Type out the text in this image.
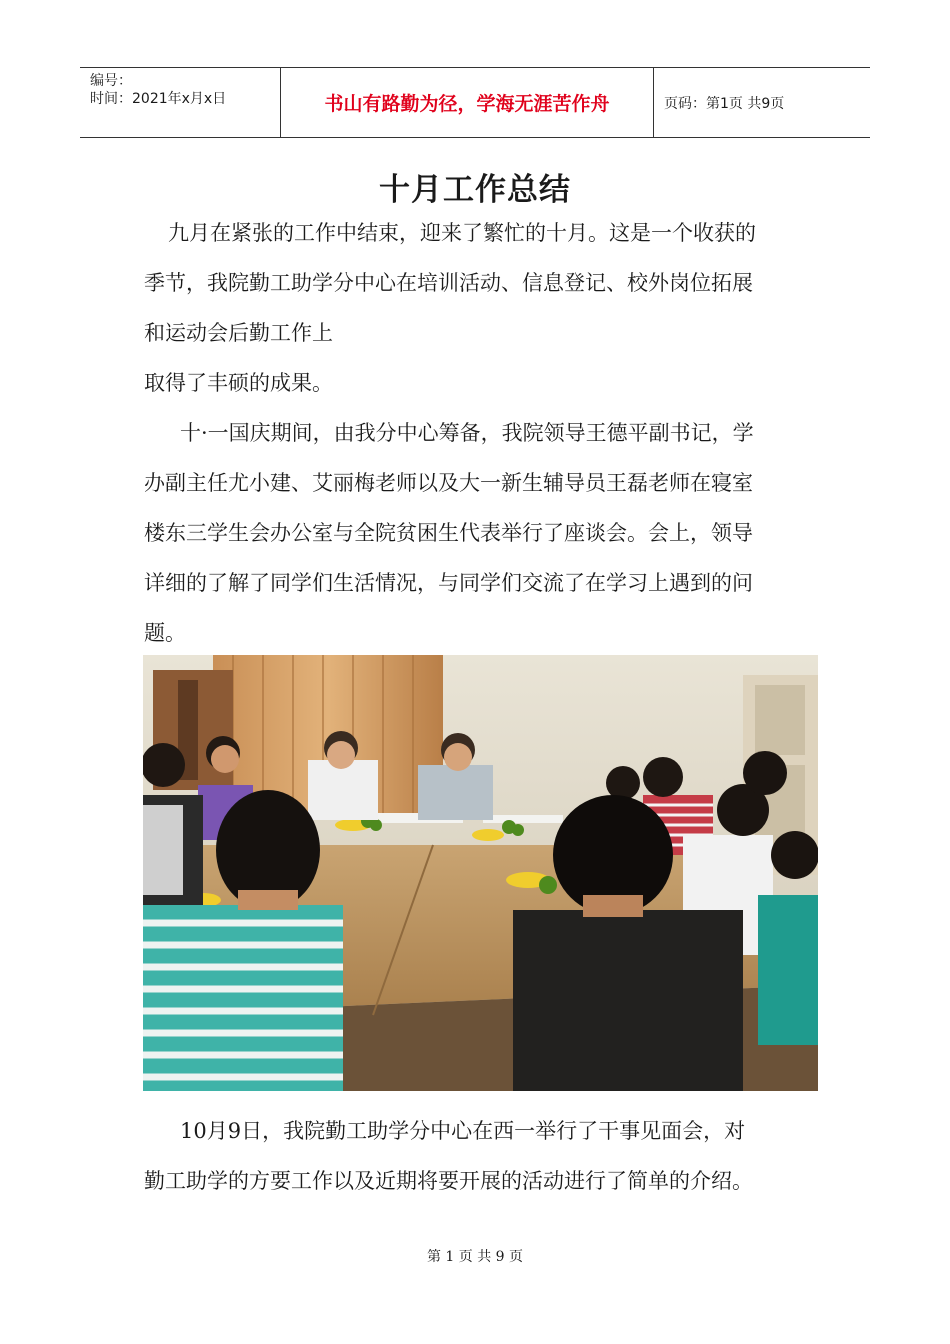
编号：
时间：2021年x月x日	书山有路勤为径，学海无涯苦作舟	页码：第1页 共9页
十月工作总结

九月在紧张的工作中结束，迎来了繁忙的十月。这是一个收获的
季节，我院勤工助学分中心在培训活动、信息登记、校外岗位拓展
和运动会后勤工作上
取得了丰硕的成果。

十·一国庆期间，由我分中心筹备，我院领导王德平副书记，学
办副主任尤小建、艾丽梅老师以及大一新生辅导员王磊老师在寝室
楼东三学生会办公室与全院贫困生代表举行了座谈会。会上，领导
详细的了解了同学们生活情况，与同学们交流了在学习上遇到的问
题。

10月9日，我院勤工助学分中心在西一举行了干事见面会，对
勤工助学的方要工作以及近期将要开展的活动进行了简单的介绍。

第 1 页 共 9 页
